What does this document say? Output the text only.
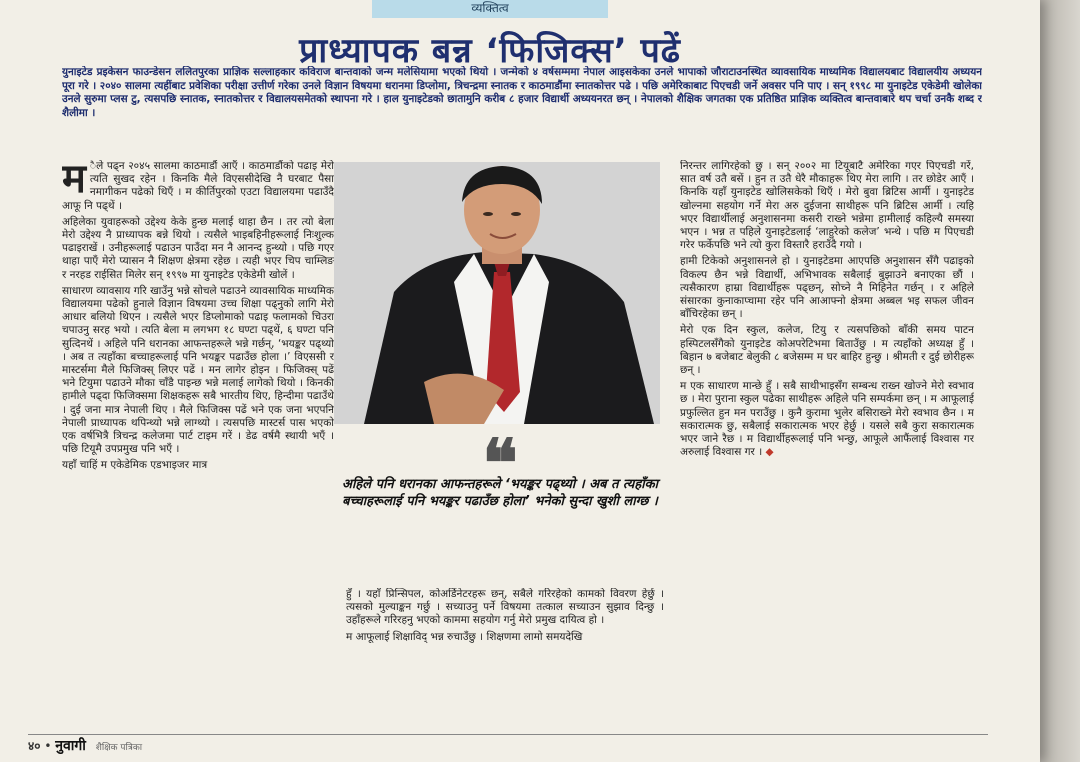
व्यक्तित्व
प्राध्यापक बन्न ‘फिजिक्स’ पढें
युनाइटेड प्रइकेसन फाउन्डेसन ललितपुरका प्राज्ञिक सल्लाहकार कविराज बान्तवाको जन्म मलेसियामा भएको थियो । जन्मेको ४ वर्षसम्ममा नेपाल आइसकेका उनले भापाको जौराटाउनस्थित व्यावसायिक माध्यमिक विद्यालयबाट विद्यालयीय अध्ययन पूरा गरे । २०४० सालमा त्यहींबाट प्रवेशिका परीक्षा उत्तीर्ण गरेका उनले विज्ञान विषयमा धरानमा डिप्लोमा, त्रिचन्द्रमा स्नातक र काठमाडौंमा स्नातकोत्तर पढे । पछि अमेरिकाबाट पिएचडी जर्ने अवसर पनि पाए । सन् १९९८ मा युनाइटेड एकेडेमी खोलेका उनले सुरुमा प्लस टु, त्यसपछि स्नातक, स्नातकोत्तर र विद्यालयसमेतको स्थापना गरे । हाल युनाइटेडको छातामुनि करीब ८ हजार विद्यार्थी अध्ययनरत छन् । नेपालको शैक्षिक जगतका एक प्रतिष्ठित प्राज्ञिक व्यक्तित्व बान्तवाबारे थप चर्चा उनकै शब्द र शैलीमा ।

म ैले पढ्न २०४५ सालमा काठमाडौं आएँ । काठमाडौंको पढाइ मेरो त्यति सुखद रहेन । किनकि मैले विएससीदेखि नै घरबाट पैसा नमागीकन पढेको थिएँ । म कीर्तिपुरको एउटा विद्यालयमा पढाउँदै आफू नि पढ्थें ।

अहिलेका युवाहरूको उद्देश्य केके हुन्छ मलाई थाहा छैन । तर त्यो बेला मेरो उद्देश्य नै प्राध्यापक बन्ने थियो । त्यसैले भाइबहिनीहरूलाई निःशुल्क पढाइराखें । उनीहरूलाई पढाउन पाउँदा मन नै आनन्द हुन्थ्यो । पछि गएर थाहा पाएँ मेरो प्यासन नै शिक्षण क्षेत्रमा रहेछ । त्यही भएर चिप चाम्लिङ र नरहड राईसित मिलेर सन् १९९७ मा युनाइटेड एकेडेमी खोलें ।

साधारण व्यावसाय गरि खाउँनु भन्ने सोचले पढाउने व्यावसायिक माध्यमिक विद्यालयमा पढेको हुनाले विज्ञान विषयमा उच्च शिक्षा पढ्नुको लागि मेरो आधार बलियो थिएन । त्यसैले भएर डिप्लोमाको पढाइ फलामको चिउरा चपाउनु सरह भयो । त्यति बेला म लगभग १८ घण्टा पढ्थें, ६ घण्टा पनि सुत्दिनथें । अहिले पनि धरानका आफन्तहरूले भन्ने गर्छन्, ‘भयङ्कर पढ्थ्यो । अब त त्यहाँका बच्चाहरूलाई पनि भयङ्कर पढाउँछ होला ।’ विएससी र मास्टर्समा मैले फिजिक्स् लिएर पढें । मन लागेर होइन । फिजिक्स् पढें भने टियुमा पढाउने मौका चाँडै पाइन्छ भन्ने मलाई लागेको थियो । किनकी हामीले पढ्दा फिजिक्समा शिक्षकहरू सबै भारतीय थिए, हिन्दीमा पढाउँथे । दुई जना मात्र नेपाली थिए । मैले फिजिक्स पढें भने एक जना भएपनि नेपाली प्राध्यापक थपिन्थ्यो भन्ने लाग्थ्यो । त्यसपछि मास्टर्स पास भएको एक वर्षभित्रै त्रिचन्द्र कलेजमा पार्ट टाइम गरें । डेढ वर्षमै स्थायी भएँ । पछि टियूमै उपप्रमुख पनि भएँ ।

यहाँ चाहिं म एकेडेमिक एडभाइजर मात्र	❝
अहिले पनि धरानका आफन्तहरूले ‘भयङ्कर पढ्थ्यो । अब त त्यहाँका बच्चाहरूलाई पनि भयङ्कर पढाउँछ होला’ भनेको सुन्दा खुशी लाग्छ ।

हुँ । यहाँ प्रिन्सिपल, कोअर्डिनेटरहरू छन्, सबैले गरिरहेको कामको विवरण हेर्छु । त्यसको मुल्याङ्कन गर्छु । सच्याउनु पर्ने विषयमा तत्काल सच्याउन सुझाव दिन्छु । उहाँहरूले गरिरहनु भएको काममा सहयोग गर्नु मेरो प्रमुख दायित्व हो ।

म आफूलाई शिक्षाविद् भन्न रुचाउँछु । शिक्षणमा लामो समयदेखि

निरन्तर लागिरहेको छु । सन् २००२ मा टियूबाटै अमेरिका गएर पिएचडी गरें, सात वर्ष उतै बसें । हुन त उतै धेरै मौकाहरू थिए मेरा लागि । तर छोडेर आएँ । किनकि यहाँ युनाइटेड खोलिसकेको थिएँ । मेरो बुवा ब्रिटिस आर्मी । युनाइटेड खोल्नमा सहयोग गर्ने मेरा अरु दुईजना साथीहरू पनि ब्रिटिस आर्मी । त्यहि भएर विद्यार्थीलाई अनुशासनमा कसरी राख्ने भन्नेमा हामीलाई कहिल्यै समस्या भएन । भन्न त पहिले युनाइटेडलाई ‘लाहुरेको कलेज’ भन्थे । पछि म पिएचडी गरेर फर्केपछि भने त्यो कुरा विस्तारै हराउँदै गयो ।

हामी टिकेको अनुशासनले हो । युनाइटेडमा आएपछि अनुशासन सँगै पढाइको विकल्प छैन भन्ने विद्यार्थी, अभिभावक सबैलाई बुझाउने बनाएका छौं । त्यसैकारण हाम्रा विद्यार्थीहरू पढ्छन्, सोच्ने नै मिहिनेत गर्छन् । र अहिले संसारका कुनाकाप्चामा रहेर पनि आआफ्नो क्षेत्रमा अब्बल भइ सफल जीवन बाँचिरहेका छन् ।

मेरो एक दिन स्कुल, कलेज, टियु र त्यसपछिको बाँकी समय पाटन हस्पिटलसँगैको युनाइटेड कोअपरेटिभमा बिताउँछु । म त्यहाँको अध्यक्ष हुँ । बिहान ७ बजेबाट बेलुकी ८ बजेसम्म म घर बाहिर हुन्छु । श्रीमती र दुई छोरीहरू छन् ।

म एक साधारण मान्छे हुँ । सबै साथीभाइसँग सम्बन्ध राख्न खोज्ने मेरो स्वभाव छ । मेरा पुराना स्कुल पढेका साथीहरू अहिले पनि सम्पर्कमा छन् । म आफूलाई प्रफुल्लित हुन मन पराउँछु । कुनै कुरामा भुलेर बसिराख्ने मेरो स्वभाव छैन । म सकारात्मक छु, सबैलाई सकारात्मक भएर हेर्छु । यसले सबै कुरा सकारात्मक भएर जाने रैछ । म विद्यार्थीहरूलाई पनि भन्छु, आफूले आफैंलाई विश्वास गर अरुलाई विश्वास गर । ◆

४० • नुवागी शैक्षिक पत्रिका
